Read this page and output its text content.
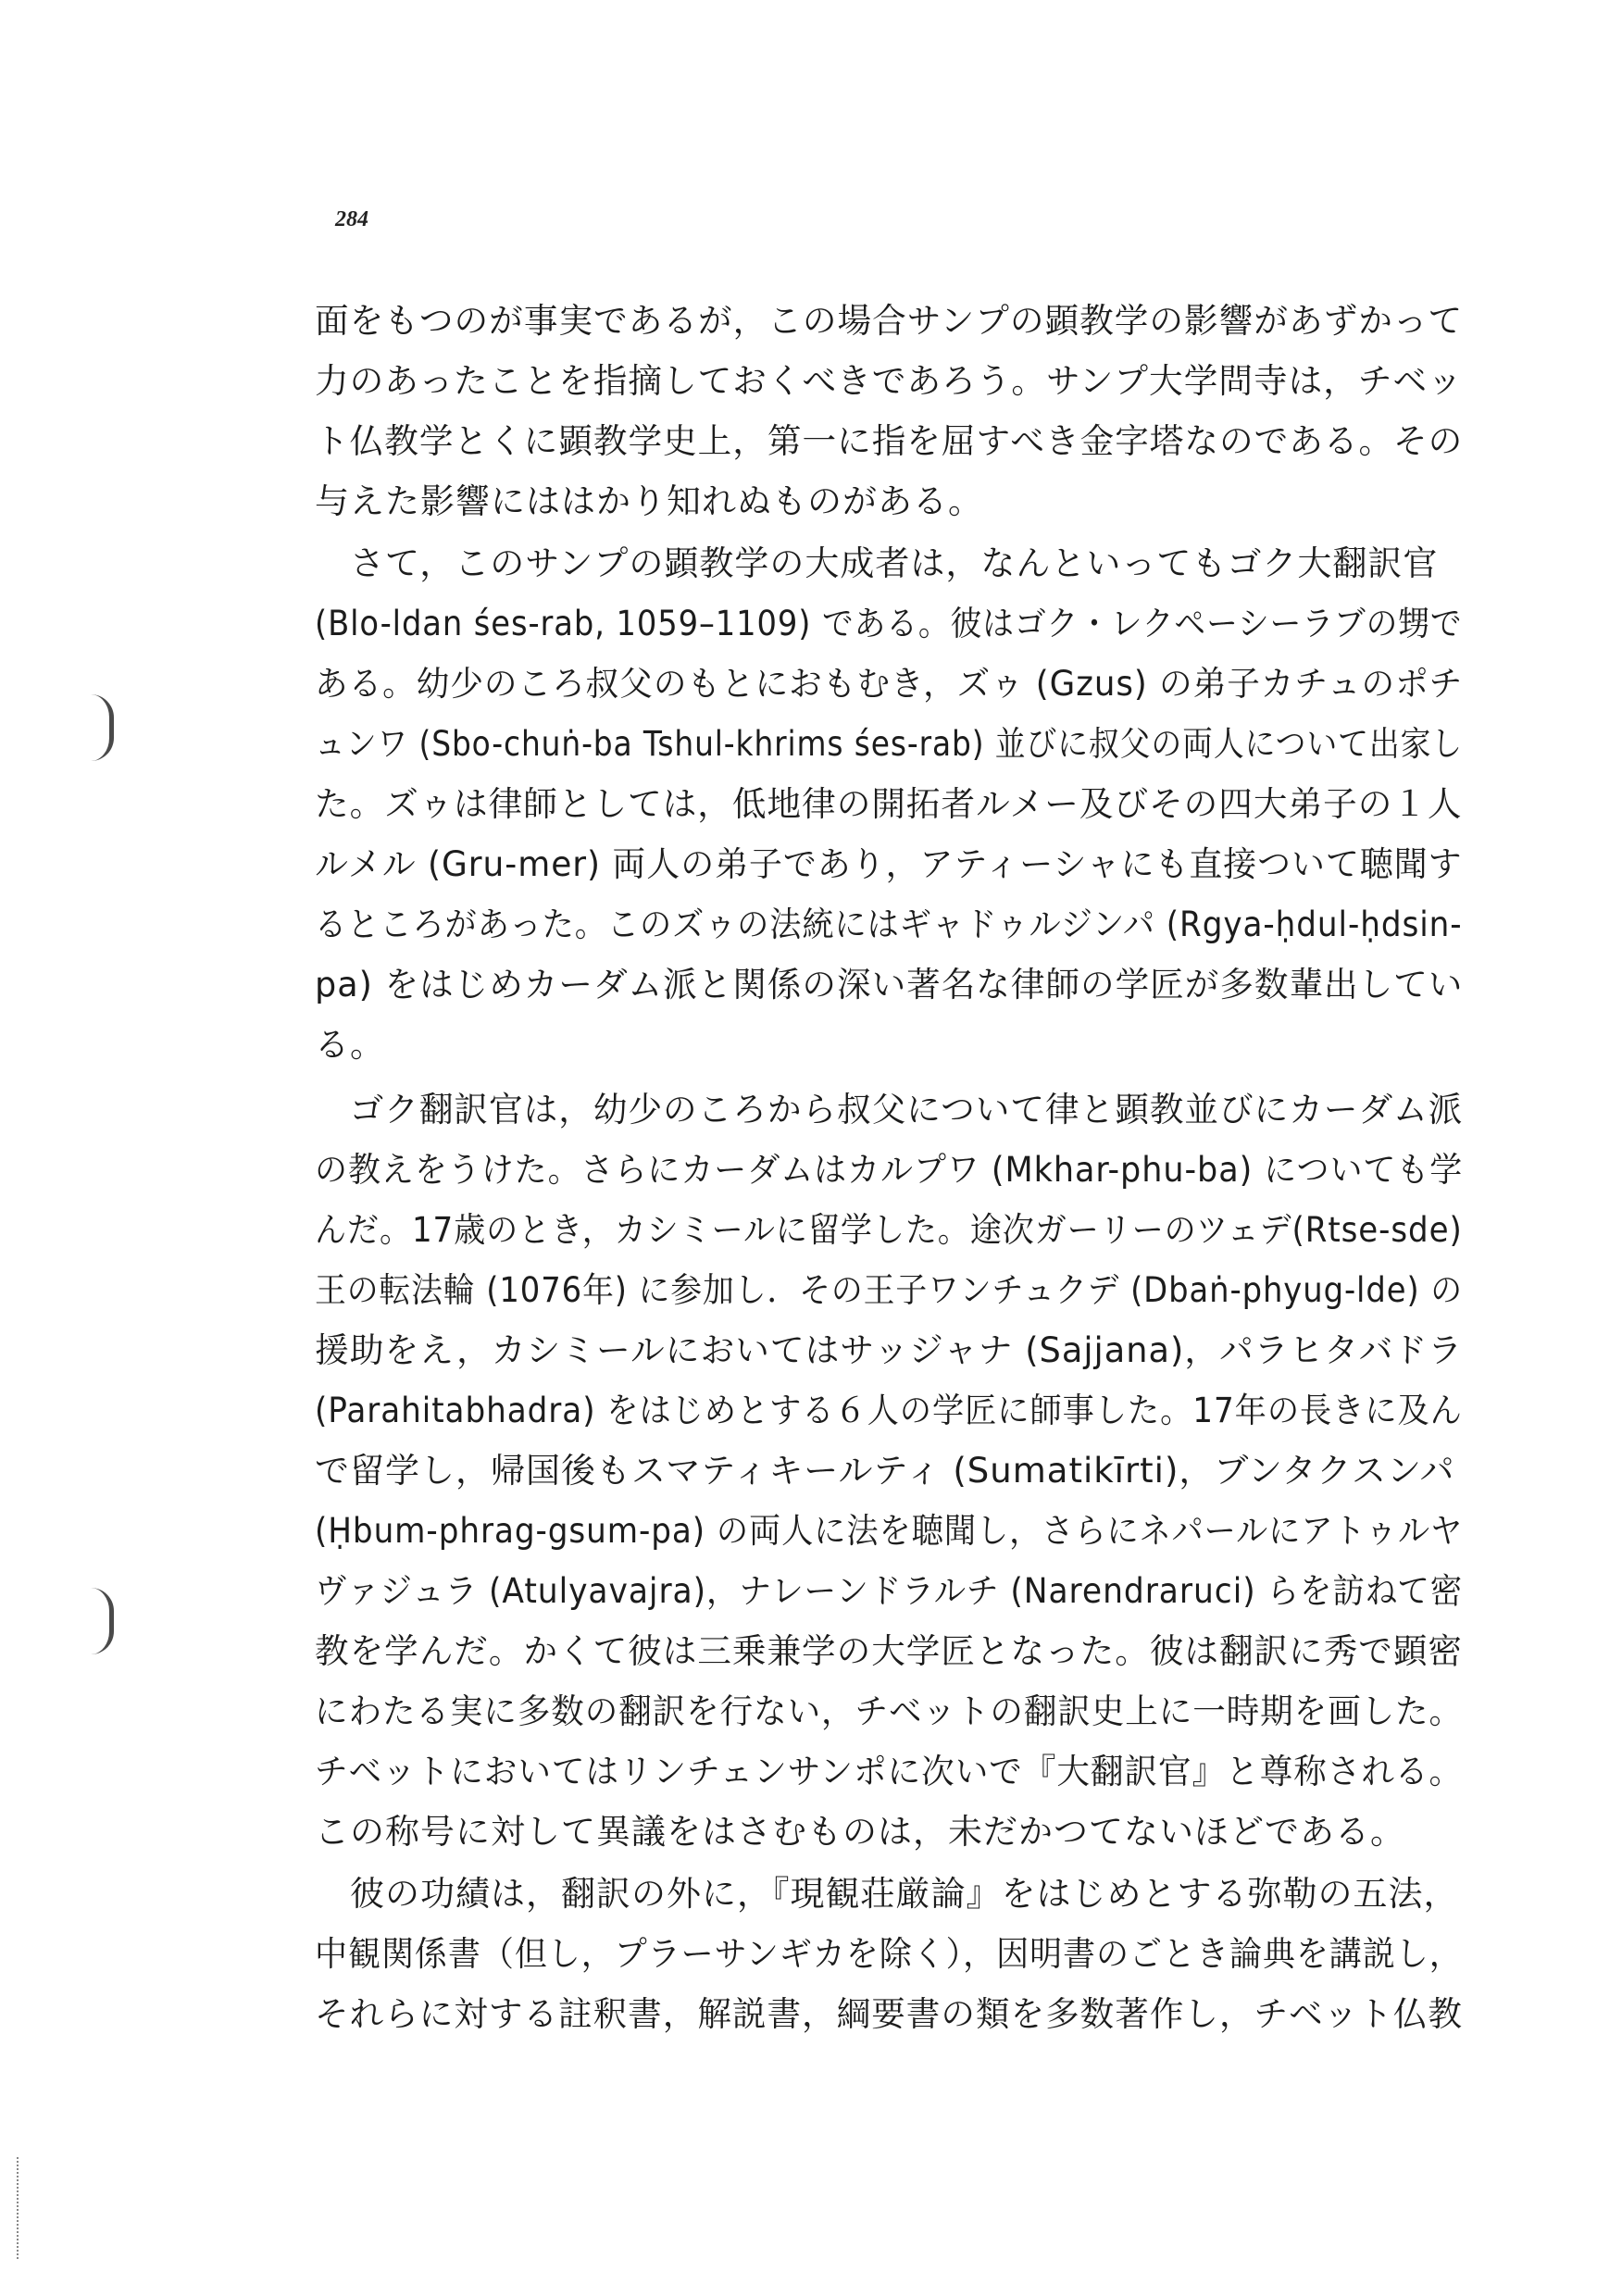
284
面をもつのが事実であるが，この場合サンプの顕教学の影響があずかって
力のあったことを指摘しておくべきであろう。サンプ大学問寺は，チベッ
ト仏教学とくに顕教学史上，第一に指を屈すべき金字塔なのである。その
与えた影響にははかり知れぬものがある。
　さて，このサンプの顕教学の大成者は，なんといってもゴク大翻訳官
(Blo-ldan śes-rab, 1059–1109) である。彼はゴク・レクペーシーラブの甥で
ある。幼少のころ叔父のもとにおもむき，ズゥ (Gzus) の弟子カチュのポチ
ュンワ (Sbo-chuṅ-ba Tshul-khrims śes-rab) 並びに叔父の両人について出家し
た。ズゥは律師としては，低地律の開拓者ルメー及びその四大弟子の１人
ルメル (Gru-mer) 両人の弟子であり，アティーシャにも直接ついて聴聞す
るところがあった。このズゥの法統にはギャドゥルジンパ (Rgya-ḥdul-ḥdsin-
pa) をはじめカーダム派と関係の深い著名な律師の学匠が多数輩出してい
る。
　ゴク翻訳官は，幼少のころから叔父について律と顕教並びにカーダム派
の教えをうけた。さらにカーダムはカルプワ (Mkhar-phu-ba) についても学
んだ。17歳のとき，カシミールに留学した。途次ガーリーのツェデ(Rtse-sde)
王の転法輪 (1076年) に参加し．その王子ワンチュクデ (Dbaṅ-phyug-lde) の
援助をえ，カシミールにおいてはサッジャナ (Sajjana)，パラヒタバドラ
(Parahitabhadra) をはじめとする６人の学匠に師事した。17年の長きに及ん
で留学し，帰国後もスマティキールティ (Sumatikīrti)，ブンタクスンパ
(Ḥbum-phrag-gsum-pa) の両人に法を聴聞し，さらにネパールにアトゥルヤ
ヴァジュラ (Atulyavajra)，ナレーンドラルチ (Narendraruci) らを訪ねて密
教を学んだ。かくて彼は三乗兼学の大学匠となった。彼は翻訳に秀で顕密
にわたる実に多数の翻訳を行ない，チベットの翻訳史上に一時期を画した。
チベットにおいてはリンチェンサンポに次いで『大翻訳官』と尊称される。
この称号に対して異議をはさむものは，未だかつてないほどである。
　彼の功績は，翻訳の外に，『現観荘厳論』をはじめとする弥勒の五法，
中観関係書（但し，プラーサンギカを除く），因明書のごとき論典を講説し，
それらに対する註釈書，解説書，綱要書の類を多数著作し，チベット仏教
